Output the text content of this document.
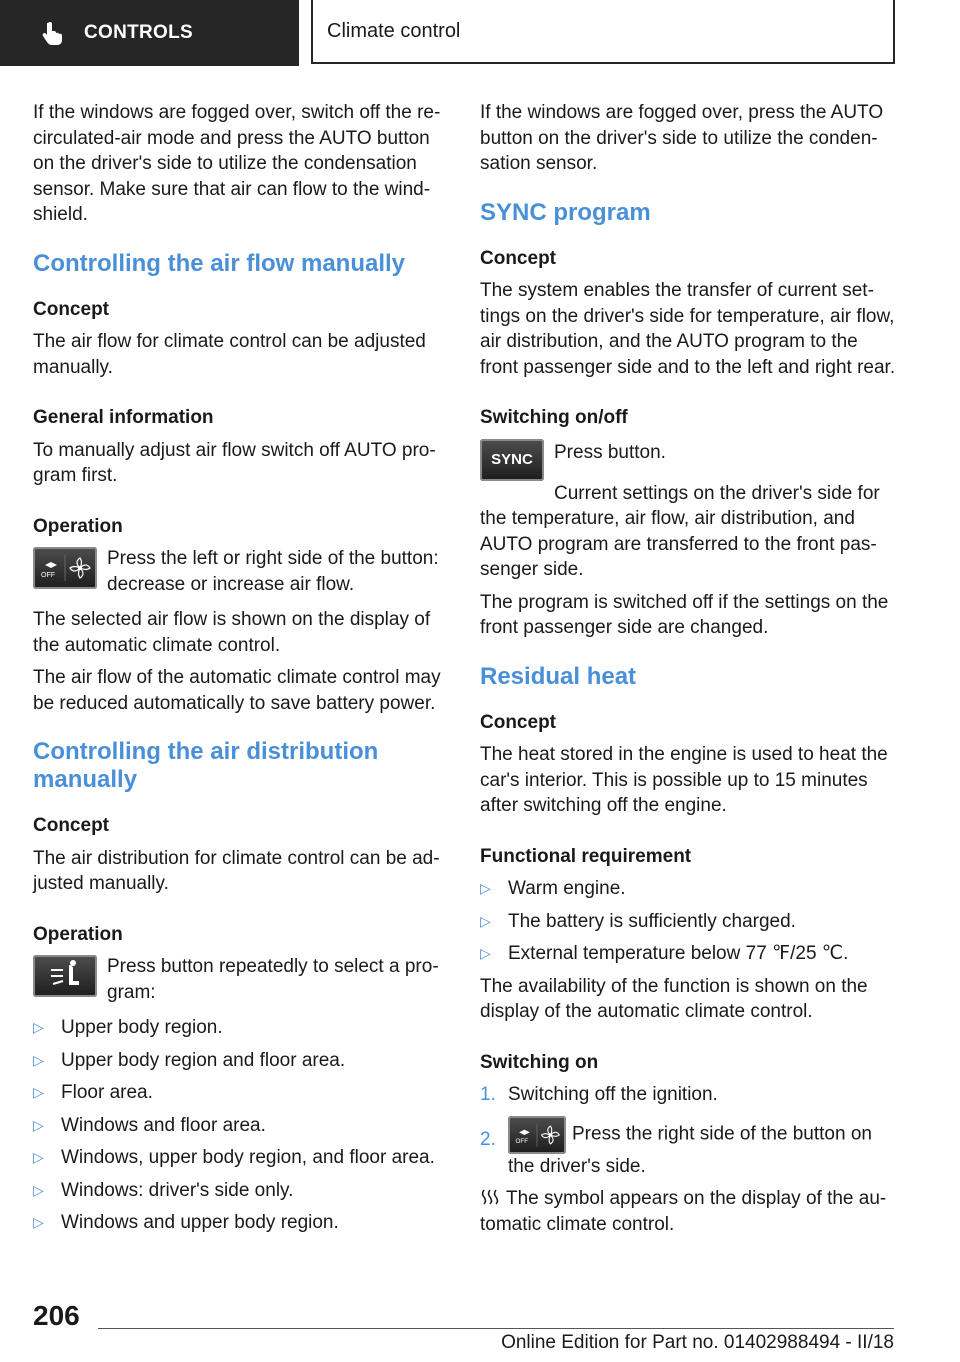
CONTROLS	Climate control

If the windows are fogged over, switch off the recirculated-air mode and press the AUTO button on the driver's side to utilize the condensation sensor. Make sure that air can flow to the windshield.

Controlling the air flow manually
Concept

The air flow for climate control can be adjusted manually.

General information

To manually adjust air flow switch off AUTO program first.

Operation
OFF

Press the left or right side of the button: decrease or increase air flow.

The selected air flow is shown on the display of the automatic climate control.

The air flow of the automatic climate control may be reduced automatically to save battery power.

Controlling the air distribution manually
Concept

The air distribution for climate control can be adjusted manually.

Operation

Press button repeatedly to select a program:

▷ Upper body region.
▷ Upper body region and floor area.
▷ Floor area.
▷ Windows and floor area.
▷ Windows, upper body region, and floor area.
▷ Windows: driver's side only.
▷ Windows and upper body region.

If the windows are fogged over, press the AUTO button on the driver's side to utilize the condensation sensor.

SYNC program
Concept

The system enables the transfer of current settings on the driver's side for temperature, air flow, air distribution, and the AUTO program to the front passenger side and to the left and right rear.

Switching on/off
SYNC Press button.

Current settings on the driver's side for the temperature, air flow, air distribution, and AUTO program are transferred to the front passenger side.

The program is switched off if the settings on the front passenger side are changed.

Residual heat
Concept

The heat stored in the engine is used to heat the car's interior. This is possible up to 15 minutes after switching off the engine.

Functional requirement
▷ Warm engine.
▷ The battery is sufficiently charged.
▷ External temperature below 77 ℉/25 ℃.

The availability of the function is shown on the display of the automatic climate control.

Switching on
1. Switching off the ignition.
2.	OFF Press the right side of the button on the driver's side.

The symbol appears on the display of the automatic climate control.

206
Online Edition for Part no. 01402988494 - II/18
